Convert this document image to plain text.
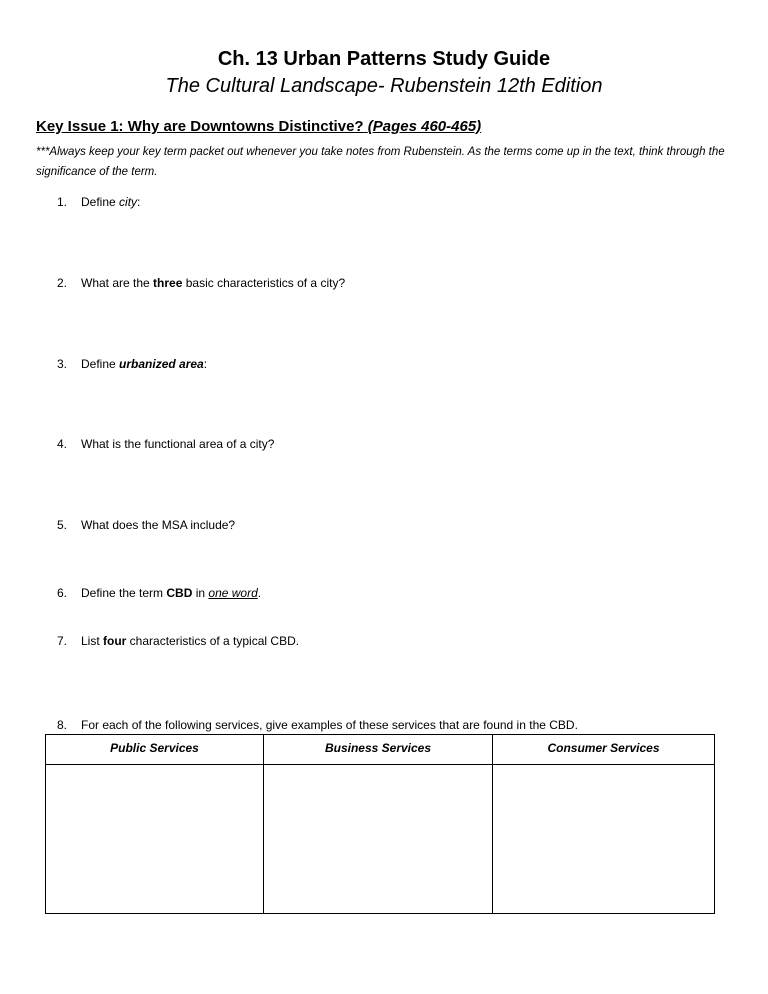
Ch. 13 Urban Patterns Study Guide
The Cultural Landscape- Rubenstein 12th Edition
Key Issue 1: Why are Downtowns Distinctive? (Pages 460-465)
***Always keep your key term packet out whenever you take notes from Rubenstein. As the terms come up in the text, think through the significance of the term.
1. Define city:
2. What are the three basic characteristics of a city?
3. Define urbanized area:
4. What is the functional area of a city?
5. What does the MSA include?
6. Define the term CBD in one word.
7. List four characteristics of a typical CBD.
8. For each of the following services, give examples of these services that are found in the CBD.
Public Services	Business Services	Consumer Services
